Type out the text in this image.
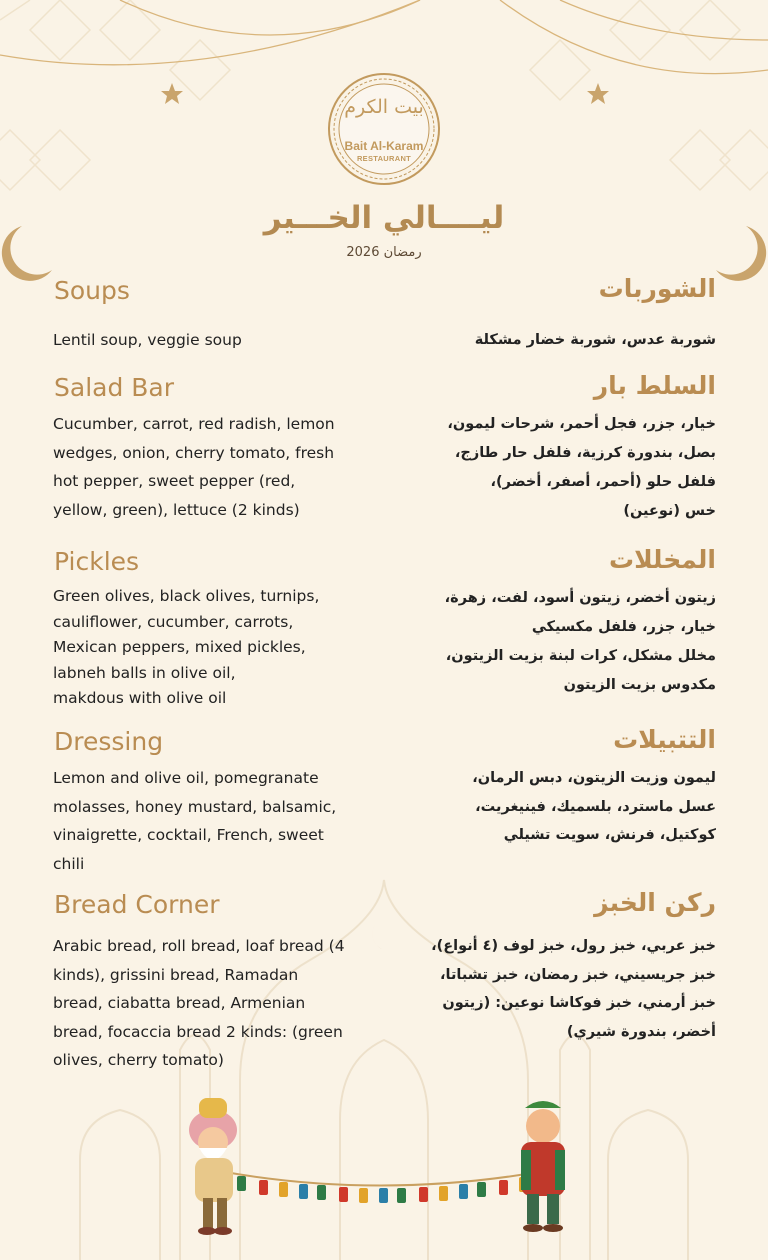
بيت الكرم
Bait Al-Karam
RESTAURANT
ليــــالي الخـــير
رمضان 2026
Soups	الشوربات
Lentil soup, veggie soup	شوربة عدس، شوربة خضار مشكلة
Salad Bar	السلط بار
Cucumber, carrot, red radish, lemon
wedges, onion, cherry tomato, fresh
hot pepper, sweet pepper (red,
yellow, green), lettuce (2 kinds)
خيار، جزر، فجل أحمر، شرحات ليمون،
بصل، بندورة كرزية، فلفل حار طازج،
فلفل حلو (أحمر، أصفر، أخضر)،
خس (نوعين)
Pickles	المخللات
Green olives, black olives, turnips,
cauliflower, cucumber, carrots,
Mexican peppers, mixed pickles,
labneh balls in olive oil,
makdous with olive oil
زيتون أخضر، زيتون أسود، لفت، زهرة،
خيار، جزر، فلفل مكسيكي
مخلل مشكل، كرات لبنة بزيت الزيتون،
مكدوس بزيت الزيتون
Dressing	التتبيلات
Lemon and olive oil, pomegranate
molasses, honey mustard, balsamic,
vinaigrette, cocktail, French, sweet
chili
ليمون وزيت الزيتون، دبس الرمان،
عسل ماسترد، بلسميك، فينيغريت،
كوكتيل، فرنش، سويت تشيلي
Bread Corner	ركن الخبز
Arabic bread, roll bread, loaf bread (4
kinds), grissini bread, Ramadan
bread, ciabatta bread, Armenian
bread, focaccia bread 2 kinds: (green
olives, cherry tomato)
خبز عربي، خبز رول، خبز لوف (٤ أنواع)،
خبز جريسيني، خبز رمضان، خبز تشباتا،
خبز أرمني، خبز فوكاشا نوعين: (زيتون
أخضر، بندورة شيري)
